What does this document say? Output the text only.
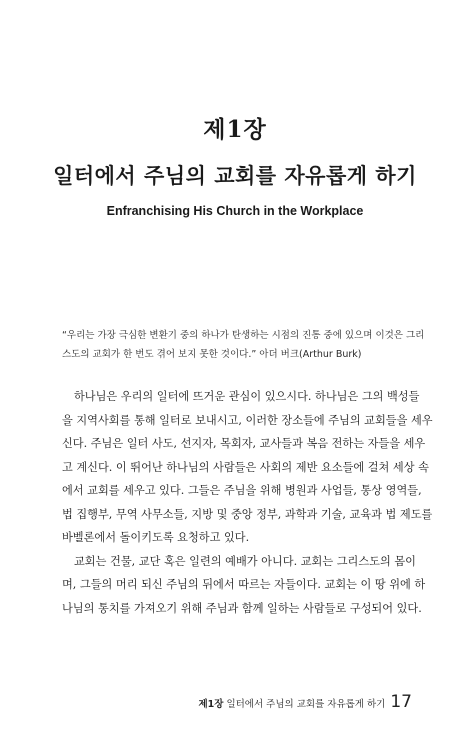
제1장
일터에서 주님의 교회를 자유롭게 하기
Enfranchising His Church in the Workplace
“우리는 가장 극심한 변환기 중의 하나가 탄생하는 시점의 진통 중에 있으며 이것은 그리
스도의 교회가 한 번도 겪어 보지 못한 것이다.” 아더 버크(Arthur Burk)
하나님은 우리의 일터에 뜨거운 관심이 있으시다. 하나님은 그의 백성들
을 지역사회를 통해 일터로 보내시고, 이러한 장소들에 주님의 교회들을 세우
신다. 주님은 일터 사도, 선지자, 목회자, 교사들과 복음 전하는 자들을 세우
고 계신다. 이 뛰어난 하나님의 사람들은 사회의 제반 요소들에 걸쳐 세상 속
에서 교회를 세우고 있다. 그들은 주님을 위해 병원과 사업들, 통상 영역들,
법 집행부, 무역 사무소들, 지방 및 중앙 정부, 과학과 기술, 교육과 법 제도를
바벨론에서 돌이키도록 요청하고 있다.
교회는 건물, 교단 혹은 일련의 예배가 아니다. 교회는 그리스도의 몸이
며, 그들의 머리 되신 주님의 뒤에서 따르는 자들이다. 교회는 이 땅 위에 하
나님의 통치를 가져오기 위해 주님과 함께 일하는 사람들로 구성되어 있다.
제1장 일터에서 주님의 교회를 자유롭게 하기 17
